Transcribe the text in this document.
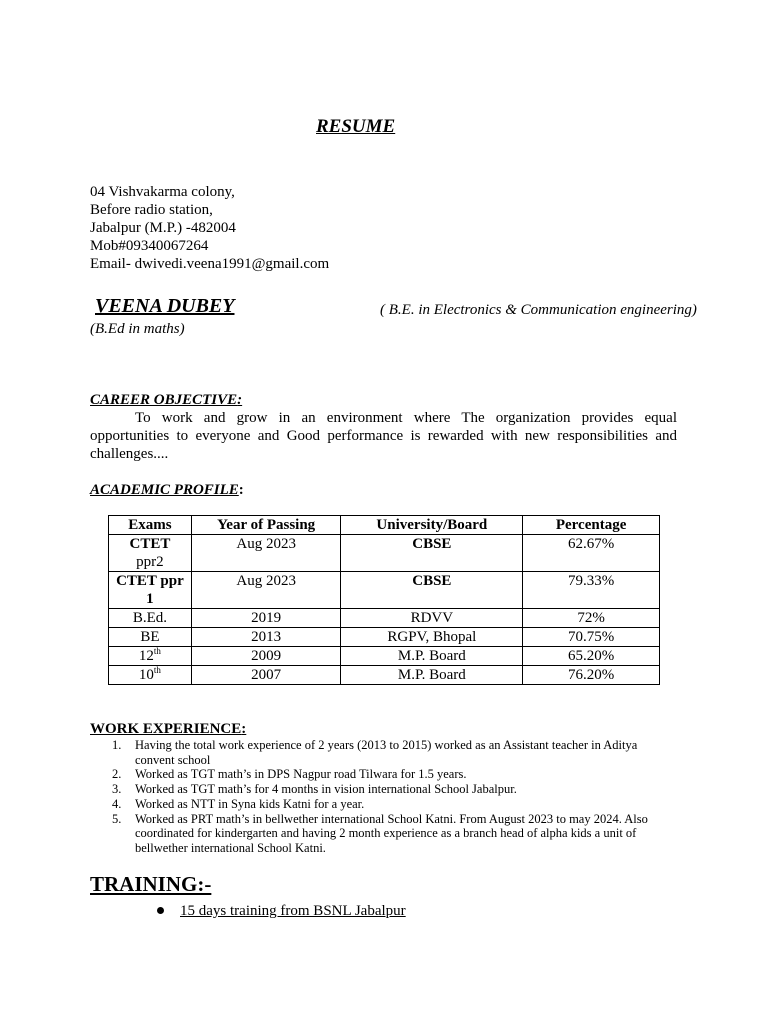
RESUME
04 Vishvakarma colony,
Before radio station,
Jabalpur (M.P.) -482004
Mob#09340067264
Email- dwivedi.veena1991@gmail.com
VEENA DUBEY	( B.E. in Electronics & Communication engineering)
(B.Ed in maths)
CAREER OBJECTIVE:
To work and grow in an environment where The organization provides equal opportunities to everyone and Good performance is rewarded with new responsibilities and challenges....
ACADEMIC PROFILE:
Exams	Year of Passing	University/Board	Percentage

CTET
ppr2	Aug 2023	CBSE	62.67%

CTET ppr
1	Aug 2023	CBSE	79.33%
B.Ed.	2019	RDVV	72%
BE	2013	RGPV, Bhopal	70.75%
12th	2009	M.P. Board	65.20%
10th	2007	M.P. Board	76.20%
WORK EXPERIENCE:
1. Having the total work experience of 2 years (2013 to 2015) worked as an Assistant teacher in Aditya convent school
2. Worked as TGT math’s in DPS Nagpur road Tilwara for 1.5 years.
3. Worked as TGT math’s for 4 months in vision international School Jabalpur.
4. Worked as NTT in Syna kids Katni for a year.
5. Worked as PRT math’s in bellwether international School Katni. From August 2023 to may 2024. Also coordinated for kindergarten and having 2 month experience as a branch head of alpha kids a unit of bellwether international School Katni.
TRAINING:-
15 days training from BSNL Jabalpur
